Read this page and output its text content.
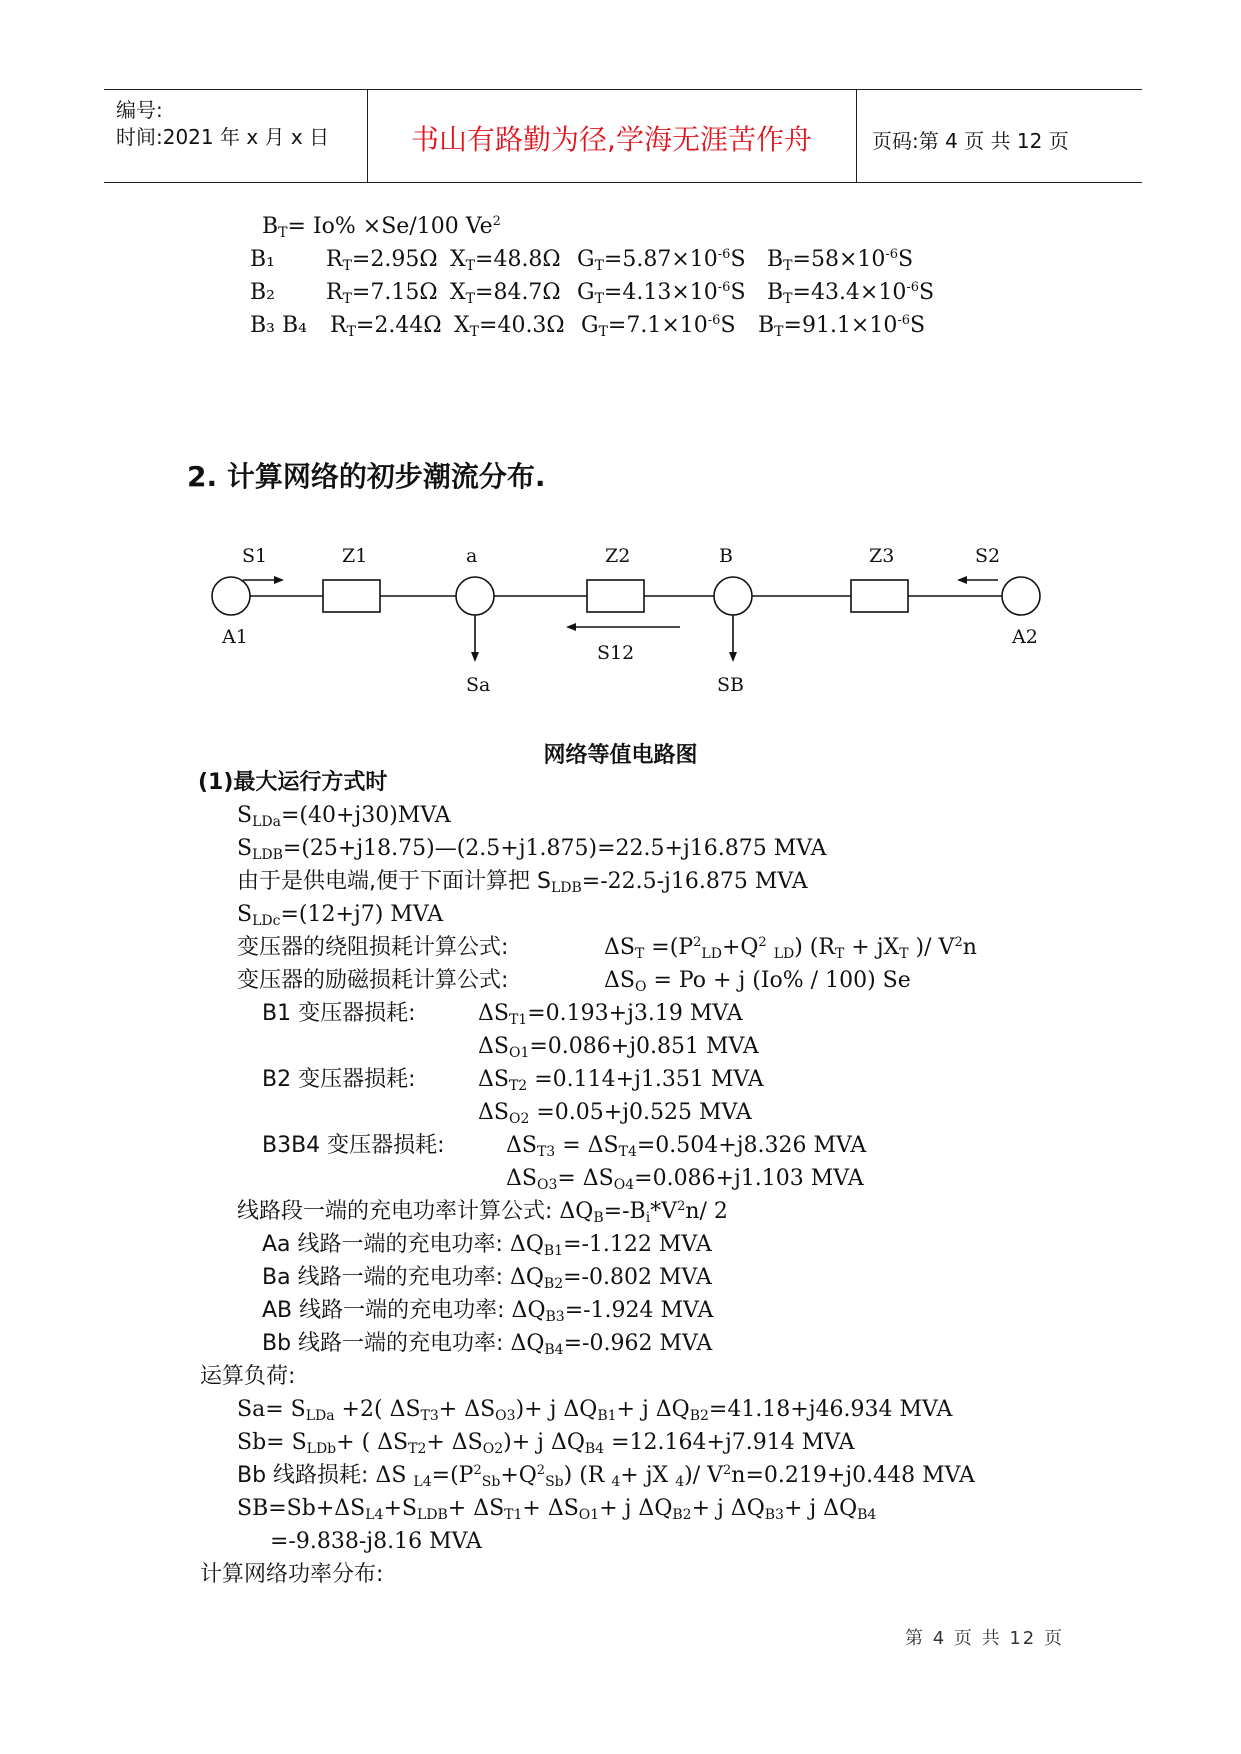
编号:
时间:2021 年 x 月 x 日	书山有路勤为径,学海无涯苦作舟	页码:第 4 页 共 12 页
$B_T= Io\% \times Se/100$ Ve$^2$
B₁ $R_T=2.95\Omega$ $X_T=48.8\Omega$ $G_T=5.87\times 10^{-6}S$ $B_T=58\times 10^{-6}S$
B₂ $R_T=7.15\Omega$ $X_T=84.7\Omega$ $G_T=4.13\times 10^{-6}S$ $B_T=43.4\times 10^{-6}S$
B₃ B₄ $R_T=2.44\Omega$ $X_T=40.3\Omega$ $G_T=7.1\times 10^{-6}S$ $B_T=91.1\times 10^{-6}S$
2. 计算网络的初步潮流分布.
S1	Z1	a	Z2	B	Z3	S2
A1	A2
S12
Sa	SB
网络等值电路图
(1)最大运行方式时
$S_{LDa}=(40+j30)MVA$
$S_{LDB}=(25+j18.75)—(2.5+j1.875)=22.5+j16.875$ MVA
由于是供电端,便于下面计算把 $S_{LDB}=-22.5-j16.875$ MVA
$S_{LDc}=(12+j7)$ MVA
变压器的绕阻损耗计算公式:	$\Delta S_T =(P^2_{LD}+Q^2$ $_{LD}$) ($R_T + jX_T$ )/ $V^2n$
变压器的励磁损耗计算公式:	$\Delta S_O = Po + j$ (Io% / 100) Se
B1 变压器损耗:	$\Delta S_{T1}=0.193+j3.19$ MVA
$\Delta S_{O1}=0.086+j0.851$ MVA
B2 变压器损耗:	$\Delta S_{T2} =0.114+j1.351$ MVA
$\Delta S_{O2} =0.05+j0.525$ MVA
B3B4 变压器损耗:	$\Delta S_{T3} = \Delta S_{T4}=0.504+j8.326$ MVA
$\Delta S_{O3}= \Delta S_{O4}=0.086+j1.103$ MVA
线路段一端的充电功率计算公式: $\Delta Q_B=-B_i*V^2n/$ 2
Aa 线路一端的充电功率: $\Delta Q_{B1}=-1.122$ MVA
Ba 线路一端的充电功率: $\Delta Q_{B2}=-0.802$ MVA
AB 线路一端的充电功率: $\Delta Q_{B3}=-1.924$ MVA
Bb 线路一端的充电功率: $\Delta Q_{B4}=-0.962$ MVA
运算负荷:
$Sa= S_{LDa} +2$( $\Delta S_{T3}+ \Delta S_{O3})+ j$ $\Delta Q_{B1}+ j$ $\Delta Q_{B2}=41.18+j46.934$ MVA
$Sb= S_{LDb}+$ ( $\Delta S_{T2}+ \Delta S_{O2})+ j$ $\Delta Q_{B4} =12.164+j7.914$ MVA
Bb 线路损耗: ΔS $_{L4}=(P^2_{Sb}+Q^2_{Sb})$ (R $_4$+ jX $_4$)/ $V^2n=0.219+j0.448$ MVA
$SB=Sb+\Delta S_{L4}+S_{LDB}+ \Delta S_{T1}+ \Delta S_{O1}+ j$ $\Delta Q_{B2}+ j$ $\Delta Q_{B3}+ j$ $\Delta Q_{B4}$
=-9.838-j8.16 MVA
计算网络功率分布:
第 4 页 共 12 页
